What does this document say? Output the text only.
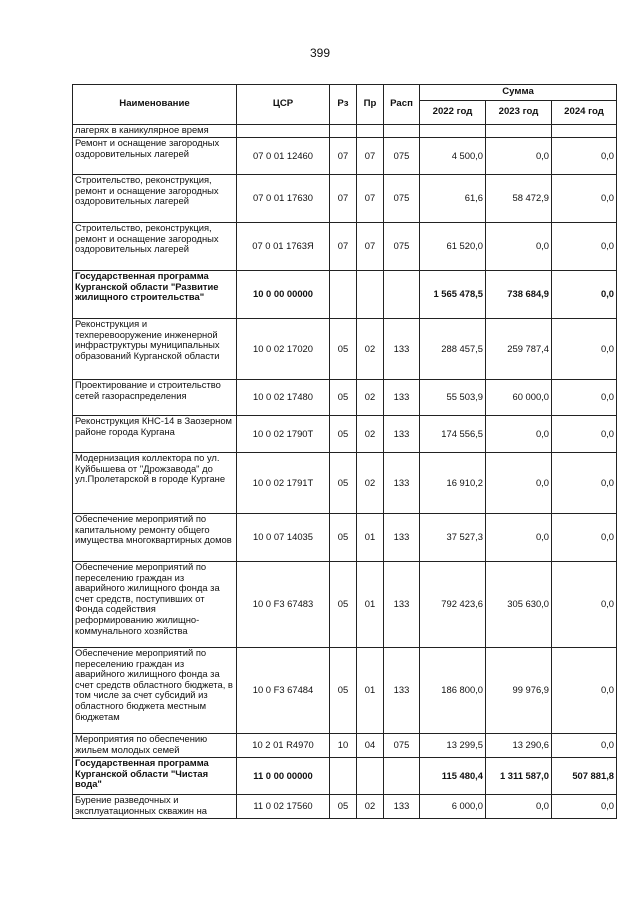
399
Наименование	ЦСР	Рз	Пр	Расп	Сумма		
					2022 год	2023 год	2024 год
лагерях в каникулярное время							
Ремонт и оснащение загородных оздоровительных лагерей	07 0 01 12460	07	07	075	4 500,0	0,0	0,0
Строительство, реконструкция, ремонт и оснащение загородных оздоровительных лагерей	07 0 01 17630	07	07	075	61,6	58 472,9	0,0
Строительство, реконструкция, ремонт и оснащение загородных оздоровительных лагерей	07 0 01 1763Я	07	07	075	61 520,0	0,0	0,0
Государственная программа Курганской области "Развитие жилищного строительства"	10 0 00 00000				1 565 478,5	738 684,9	0,0
Реконструкция и техперевооружение инженерной инфраструктуры муниципальных образований Курганской области	10 0 02 17020	05	02	133	288 457,5	259 787,4	0,0
Проектирование и строительство сетей газораспределения	10 0 02 17480	05	02	133	55 503,9	60 000,0	0,0
Реконструкция КНС-14 в Заозерном районе города Кургана	10 0 02 1790Т	05	02	133	174 556,5	0,0	0,0
Модернизация коллектора по ул. Куйбышева от "Дрожзавода" до ул.Пролетарской в городе Кургане	10 0 02 1791Т	05	02	133	16 910,2	0,0	0,0
Обеспечение мероприятий по капитальному ремонту общего имущества многоквартирных домов	10 0 07 14035	05	01	133	37 527,3	0,0	0,0
Обеспечение мероприятий по переселению граждан из аварийного жилищного фонда за счет средств, поступивших от Фонда содействия реформированию жилищно-коммунального хозяйства	10 0 F3 67483	05	01	133	792 423,6	305 630,0	0,0
Обеспечение мероприятий по переселению граждан из аварийного жилищного фонда за счет средств областного бюджета, в том числе за счет субсидий из областного бюджета местным бюджетам	10 0 F3 67484	05	01	133	186 800,0	99 976,9	0,0
Мероприятия по обеспечению жильем молодых семей	10 2 01 R4970	10	04	075	13 299,5	13 290,6	0,0
Государственная программа Курганской области "Чистая вода"	11 0 00 00000				115 480,4	1 311 587,0	507 881,8
Бурение разведочных и эксплуатационных скважин на	11 0 02 17560	05	02	133	6 000,0	0,0	0,0
